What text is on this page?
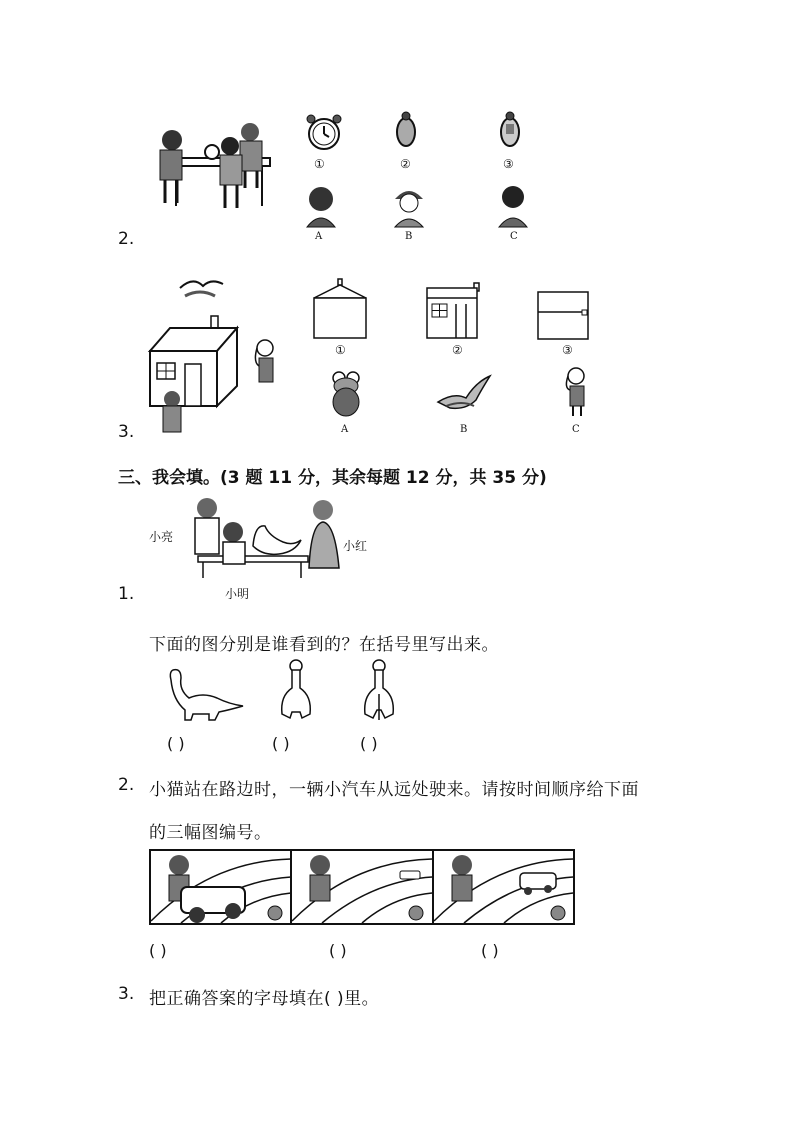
2.
①	②	③
A	B	C
3.
①	②	③
A	B	C
三、我会填。(3 题 11 分，其余每题 12 分，共 35 分)
小亮
小红
小明
1.
下面的图分别是谁看到的？在括号里写出来。
( )	( )	( )
2. 小猫站在路边时，一辆小汽车从远处驶来。请按时间顺序给下面
的三幅图编号。
( )	( )	( )
3. 把正确答案的字母填在( )里。
